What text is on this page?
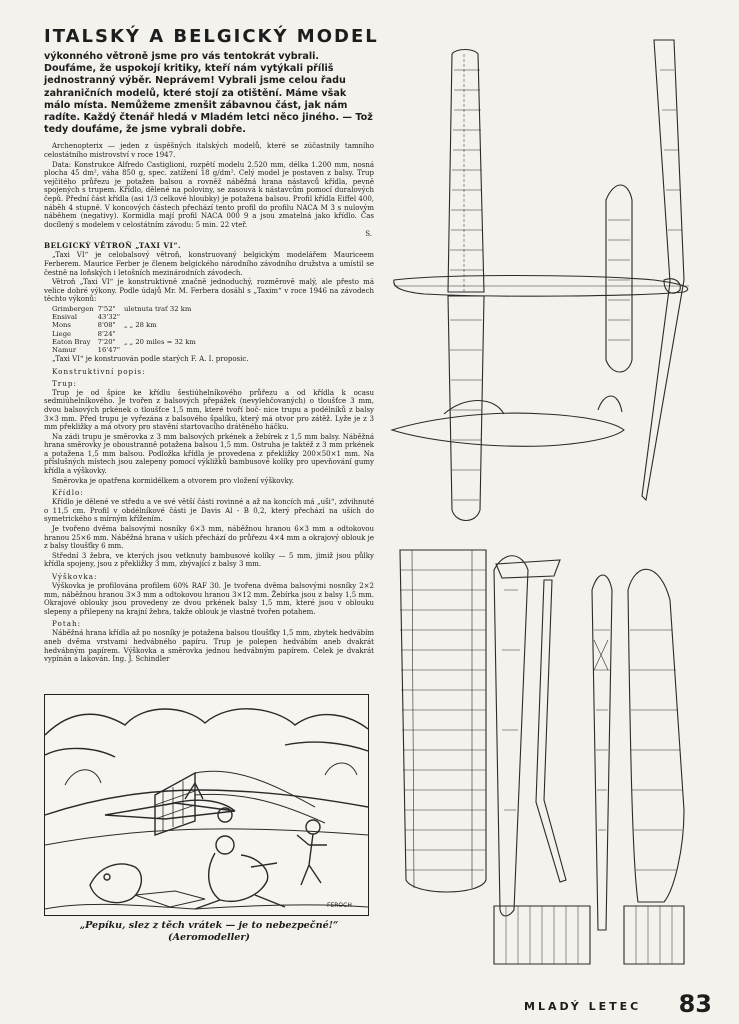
ITALSKÝ A BELGICKÝ MODEL

výkonného větroně jsme pro vás tentokrát vybrali. Doufáme, že uspokojí kritiky, kteří nám vytýkali příliš jednostranný výběr. Neprávem! Vybrali jsme celou řadu zahraničních modelů, které stojí za otištění. Máme však málo místa. Nemůžeme zmenšit zábavnou část, jak nám radíte. Každý čtenář hledá v Mladém letci něco jiného. — Tož tedy doufáme, že jsme vybrali dobře.

Archenopterix — jeden z úspěšných italských modelů, které se zúčastnily tamního celostátního mistrovství v roce 1947.

Data: Konstrukce Alfredo Castiglioni, rozpětí modelu 2.520 mm, délka 1.200 mm, nosná plocha 45 dm², váha 850 g, spec. zatížení 18 g/dm². Celý model je postaven z balsy. Trup vejčitého průřezu je potažen balsou a rovněž náběžná hrana nástavců křídla, pevně spojených s trupem. Křídlo, dělené na poloviny, se zasouvá k nástavcům pomocí duralových čepů. Přední část křídla (asi 1/3 celkové hloubky) je potažena balsou. Profil křídla Eiffel 400, náběh 4 stupně. V koncových částech přechází tento profil do profilu NACA M 3 s nulovým náběhem (negativy). Kormidla mají profil NACA 000 9 a jsou zmatelná jako křídlo. Čas docílený s modelem v celostátním závodu: 5 min. 22 vteř.

S.
BELGICKÝ VĚTROŇ „TAXI VI“.

„Taxi VI“ je celobalsový větroň, konstruovaný belgickým modelářem Mauriceem Ferberem. Maurice Ferber je členem belgického národního závodního družstva a umístil se čestně na loňských i letošních mezinárodních závodech.

Větroň „Taxi VI“ je konstruktivně značně jednoduchý, rozměrově malý, ale přesto má velice dobré výkony. Podle údajů Mr. M. Ferbera dosáhl s „Taxim“ v roce 1946 na závodech těchto výkonů:

Grimbergen	7'52"	uletnuta trať 32 km
Ensival	43'32"	
Mons	8'08"	„ „ 28 km
Liege	8'24"	
Eaton Bray	7'20"	„ „ 20 miles = 32 km
Namur	16'47"	

„Taxi VI“ je konstruován podle starých F. A. I. proposic.

Konstruktivní popis:
Trup:

Trup je od špice ke křídlu šestiúhelníkového průřezu a od křídla k ocasu sedmiúhelníkového. Je tvořen z balsových přepážek (nevylehčovaných) o tloušťce 3 mm, dvou balsových prkének o tloušťce 1,5 mm, které tvoří boč- nice trupu a podélníků z balsy 3×3 mm. Před trupu je vyřezána z balsového špalíku, který má otvor pro zátěž. Lyže je z 3 mm překližky a má otvory pro stavění startovacího drátěného háčku.

Na zádi trupu je směrovka z 3 mm balsových prkének a žebírek z 1,5 mm balsy. Náběžná hrana směrovky je oboustranně potažena balsou 1,5 mm. Ostruha je taktéž z 3 mm prkének a potažena 1,5 mm balsou. Podložka křídla je provedena z překližky 200×50×1 mm. Na příslušných místech jsou zalepeny pomocí výkližků bambusové kolíky pro upevňování gumy křídla a výškovky.

Směrovka je opatřena kormidélkem a otvorem pro vložení výškovky.

Křídlo:

Křídlo je dělené ve středu a ve své větší části rovinné a až na koncích má „uši“, zdvihnuté o 11,5 cm. Profil v obdélníkové části je Davis Al - B 0,2, který přechází na uších do symetrického s mírným křížením.

Je tvořeno dvěma balsovými nosníky 6×3 mm, náběžnou hranou 6×3 mm a odtokovou hranou 25×6 mm. Náběžná hrana v uších přechází do průřezu 4×4 mm a okrajový oblouk je z balsy tloušťky 6 mm.

Střední 3 žebra, ve kterých jsou vetknuty bambusové kolíky — 5 mm, jimiž jsou půlky křídla spojeny, jsou z překližky 3 mm, zbývající z balsy 3 mm.

Výškovka:

Výškovka je profilována profilem 60% RAF 30. Je tvořena dvěma balsovými nosníky 2×2 mm, náběžnou hranou 3×3 mm a odtokovou hranou 3×12 mm. Žebírka jsou z balsy 1,5 mm. Okrajové oblouky jsou provedeny ze dvou prkének balsy 1,5 mm, které jsou v oblouku slepeny a přilepeny na krajní žebra, takže oblouk je vlastně tvořen potahem.

Potah:

Náběžná hrana křídla až po nosníky je potažena balsou tloušťky 1,5 mm, zbytek hedvábím aneb dvěma vrstvami hedvábného papíru. Trup je polepen hedvábím aneb dvakrát hedvábným papírem. Výškovka a směrovka jednou hedvábným papírem. Celek je dvakrát vypínán a lakován. Ing. J. Schindler

FEROCH
„Pepíku, slez z těch vrátek — je to nebezpečné!“
(Aeromodeller)
MLADÝ LETEC 83
